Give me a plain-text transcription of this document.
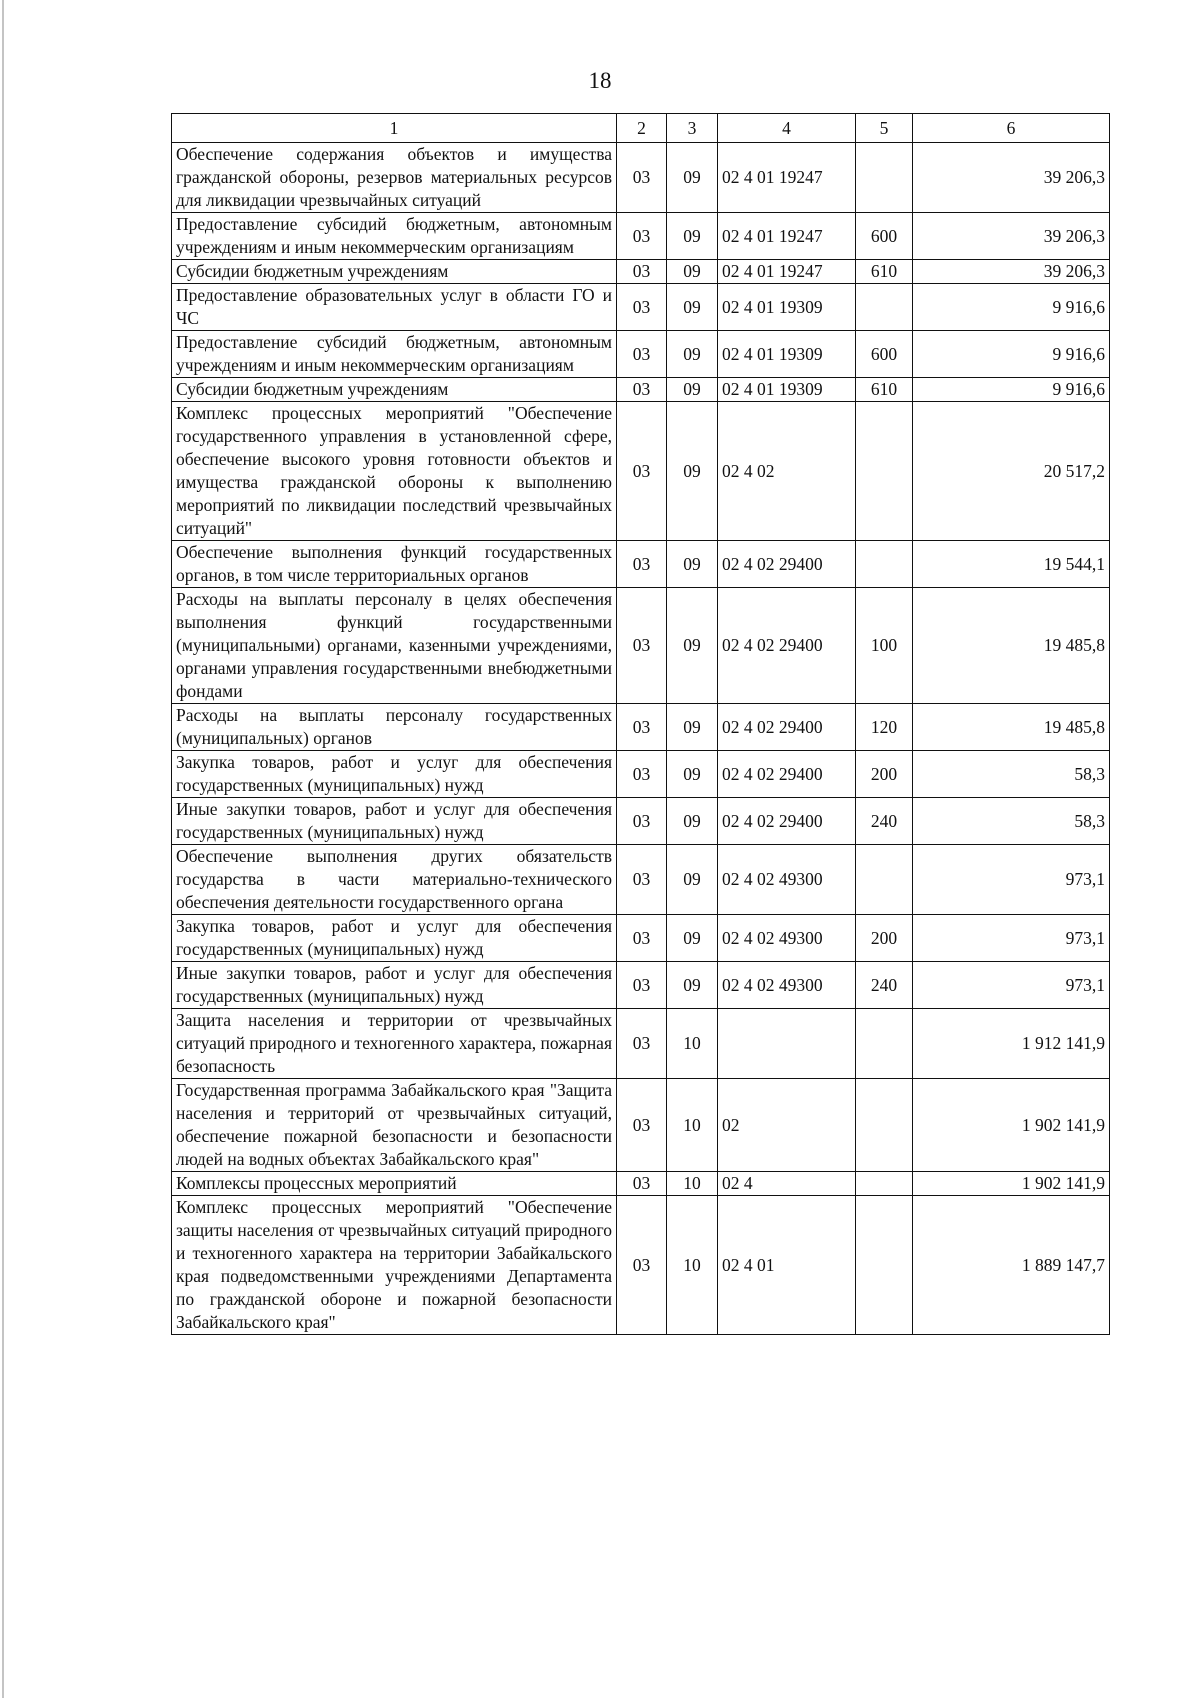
18
1	2	3	4	5	6
Обеспечение содержания объектов и имущества гражданской обороны, резервов материальных ресурсов для ликвидации чрезвычайных ситуаций	03	09	02 4 01 19247		39 206,3
Предоставление субсидий бюджетным, автономным учреждениям и иным некоммерческим организациям	03	09	02 4 01 19247	600	39 206,3
Субсидии бюджетным учреждениям	03	09	02 4 01 19247	610	39 206,3
Предоставление образовательных услуг в области ГО и ЧС	03	09	02 4 01 19309		9 916,6
Предоставление субсидий бюджетным, автономным учреждениям и иным некоммерческим организациям	03	09	02 4 01 19309	600	9 916,6
Субсидии бюджетным учреждениям	03	09	02 4 01 19309	610	9 916,6
Комплекс процессных мероприятий "Обеспечение государственного управления в установленной сфере, обеспечение высокого уровня готовности объектов и имущества гражданской обороны к выполнению мероприятий по ликвидации последствий чрезвычайных ситуаций"	03	09	02 4 02		20 517,2
Обеспечение выполнения функций государственных органов, в том числе территориальных органов	03	09	02 4 02 29400		19 544,1
Расходы на выплаты персоналу в целях обеспечения выполнения функций государственными (муниципальными) органами, казенными учреждениями, органами управления государственными внебюджетными фондами	03	09	02 4 02 29400	100	19 485,8
Расходы на выплаты персоналу государственных (муниципальных) органов	03	09	02 4 02 29400	120	19 485,8
Закупка товаров, работ и услуг для обеспечения государственных (муниципальных) нужд	03	09	02 4 02 29400	200	58,3
Иные закупки товаров, работ и услуг для обеспечения государственных (муниципальных) нужд	03	09	02 4 02 29400	240	58,3
Обеспечение выполнения других обязательств государства в части материально-технического обеспечения деятельности государственного органа	03	09	02 4 02 49300		973,1
Закупка товаров, работ и услуг для обеспечения государственных (муниципальных) нужд	03	09	02 4 02 49300	200	973,1
Иные закупки товаров, работ и услуг для обеспечения государственных (муниципальных) нужд	03	09	02 4 02 49300	240	973,1
Защита населения и территории от чрезвычайных ситуаций природного и техногенного характера, пожарная безопасность	03	10			1 912 141,9
Государственная программа Забайкальского края "Защита населения и территорий от чрезвычайных ситуаций, обеспечение пожарной безопасности и безопасности людей на водных объектах Забайкальского края"	03	10	02		1 902 141,9
Комплексы процессных мероприятий	03	10	02 4		1 902 141,9
Комплекс процессных мероприятий "Обеспечение защиты населения от чрезвычайных ситуаций природного и техногенного характера на территории Забайкальского края подведомственными учреждениями Департамента по гражданской обороне и пожарной безопасности Забайкальского края"	03	10	02 4 01		1 889 147,7
